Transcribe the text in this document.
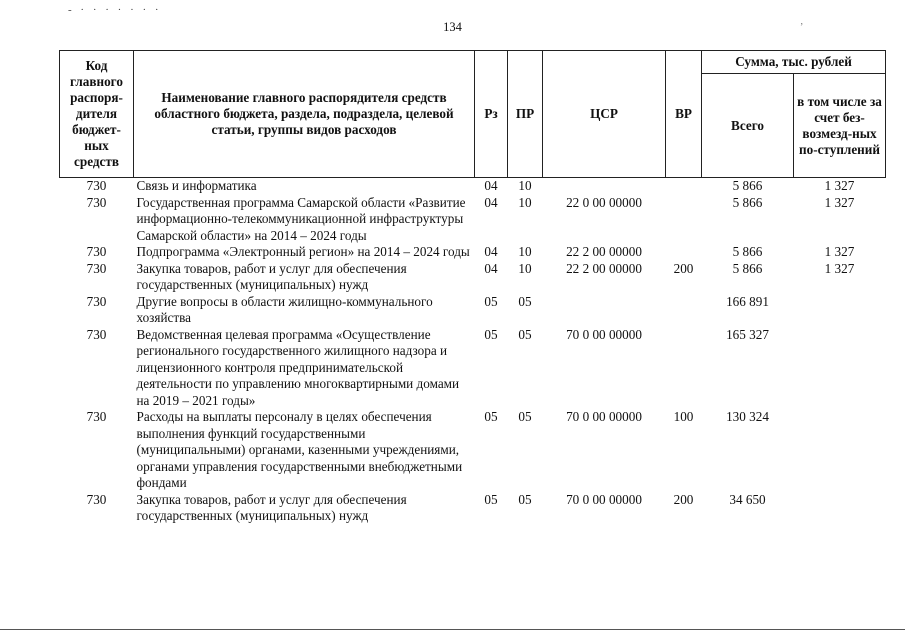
- · · · · · · ·
134	’
Код главного распоря-дителя бюджет-ных средств	Наименование главного распорядителя средств областного бюджета, раздела, подраздела, целевой статьи, группы видов расходов	Рз	ПР	ЦСР	ВР	Сумма, тыс. рублей	
						Всего	в том числе за счет без-возмезд-ных по-ступлений
730	Связь и информатика	04	10			5 866	1 327
730	Государственная программа Самарской области «Развитие информационно-телекоммуникационной инфраструктуры Самарской области» на 2014 – 2024 годы	04	10	22 0 00 00000		5 866	1 327
730	Подпрограмма «Электронный регион» на 2014 – 2024 годы	04	10	22 2 00 00000		5 866	1 327
730	Закупка товаров, работ и услуг для обеспечения государственных (муниципальных) нужд	04	10	22 2 00 00000	200	5 866	1 327
730	Другие вопросы в области жилищно-коммунального хозяйства	05	05			166 891	
730	Ведомственная целевая программа «Осуществление регионального государственного жилищного надзора и лицензионного контроля предпринимательской деятельности по управлению многоквартирными домами на 2019 – 2021 годы»	05	05	70 0 00 00000		165 327	
730	Расходы на выплаты персоналу в целях обеспечения выполнения функций государственными (муниципальными) органами, казенными учреждениями, органами управления государственными внебюджетными фондами	05	05	70 0 00 00000	100	130 324	
730	Закупка товаров, работ и услуг для обеспечения государственных (муниципальных) нужд	05	05	70 0 00 00000	200	34 650	
